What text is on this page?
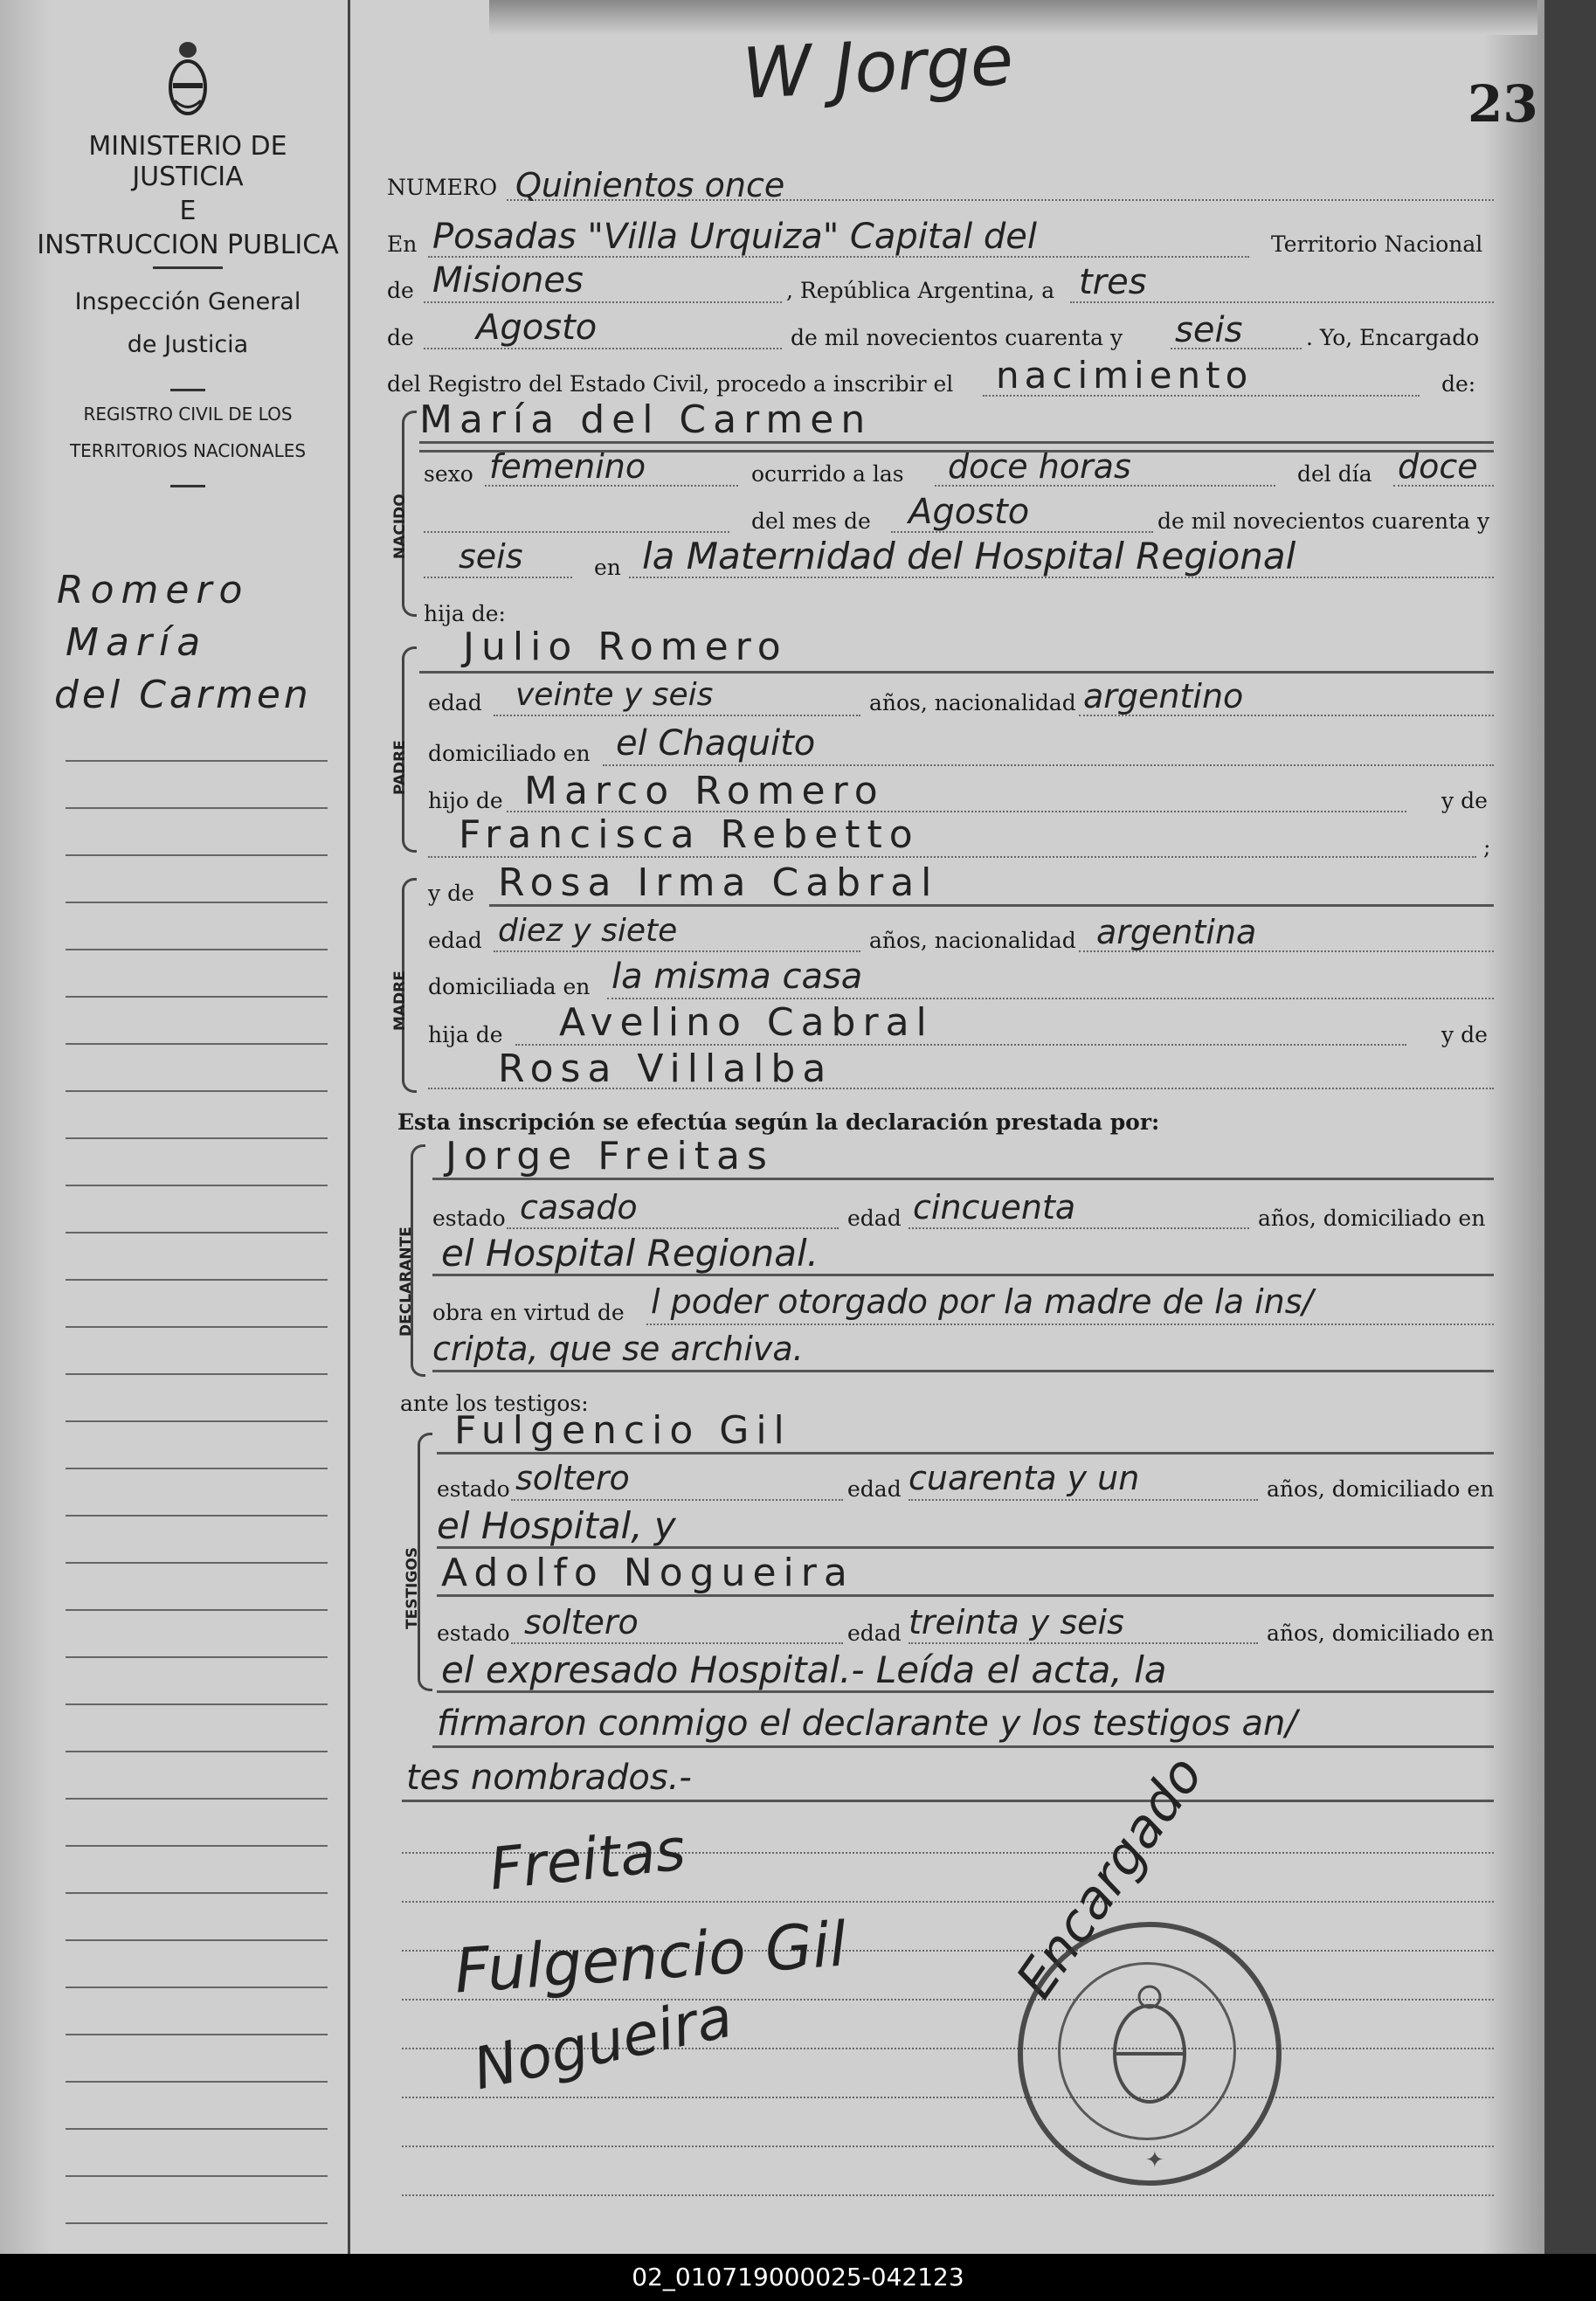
MINISTERIO DE JUSTICIA
E
INSTRUCCION PUBLICA
Inspección General
de Justicia
REGISTRO CIVIL DE LOS
TERRITORIOS NACIONALES
Romero
María
del Carmen
W Jorge	23
NUMERO Quinientos once
En Posadas "Villa Urquiza" Capital del	Territorio Nacional
de Misiones	, República Argentina, a tres
de Agosto	de mil novecientos cuarenta y seis	. Yo, Encargado
del Registro del Estado Civil, procedo a inscribir el nacimiento	de:
NACIDO
María del Carmen
sexo femenino	ocurrido a las doce horas	del día doce
del mes de Agosto	de mil novecientos cuarenta y
seis	en la Maternidad del Hospital Regional
hija de:
PADRE
Julio Romero
edad veinte y seis	años, nacionalidad argentino
domiciliado en el Chaquito
hijo de Marco Romero	y de
Francisca Rebetto	;
MADRE
y de Rosa Irma Cabral
edad diez y siete	años, nacionalidad argentina
domiciliada en la misma casa
hija de Avelino Cabral	y de
Rosa Villalba
Esta inscripción se efectúa según la declaración prestada por:
DECLARANTE
Jorge Freitas
estado casado	edad cincuenta	años, domiciliado en
el Hospital Regional.
obra en virtud de l poder otorgado por la madre de la ins/
cripta, que se archiva.
ante los testigos:
TESTIGOS
Fulgencio Gil
estado soltero	edad cuarenta y un	años, domiciliado en
el Hospital, y
Adolfo Nogueira
estado soltero	edad treinta y seis	años, domiciliado en
el expresado Hospital.- Leída el acta, la
firmaron conmigo el declarante y los testigos an/
tes nombrados.-
Freitas
Fulgencio Gil
Nogueira
Encargado
✦
02_010719000025-042123
